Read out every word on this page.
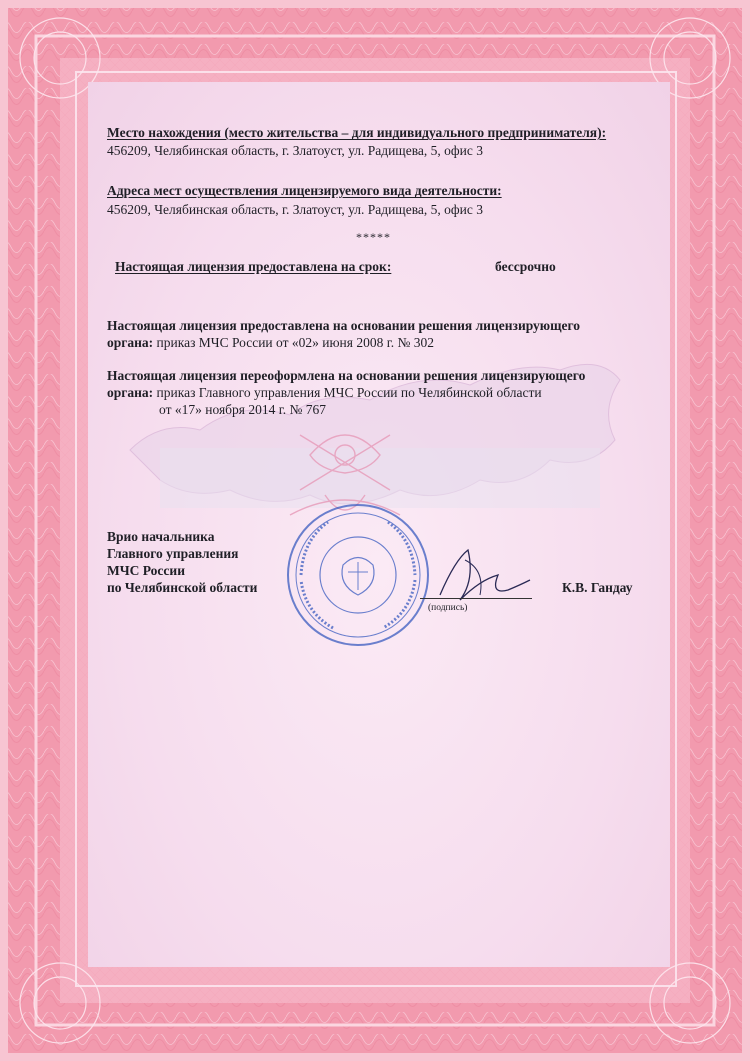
Место нахождения (место жительства – для индивидуального предпринимателя):
456209, Челябинская область, г. Златоуст, ул. Радищева, 5, офис 3
Адреса мест осуществления лицензируемого вида деятельности:
456209, Челябинская область, г. Златоуст, ул. Радищева, 5, офис 3
*****
Настоящая лицензия предоставлена на срок:	бессрочно
Настоящая лицензия предоставлена на основании решения лицензирующего
органа: приказ МЧС России от «02» июня 2008 г. № 302
Настоящая лицензия переоформлена на основании решения лицензирующего
органа: приказ Главного управления МЧС России по Челябинской области
от «17» ноября 2014 г. № 767
Врио начальника
Главного управления
МЧС России
по Челябинской области
(подпись)
К.В. Гандау
